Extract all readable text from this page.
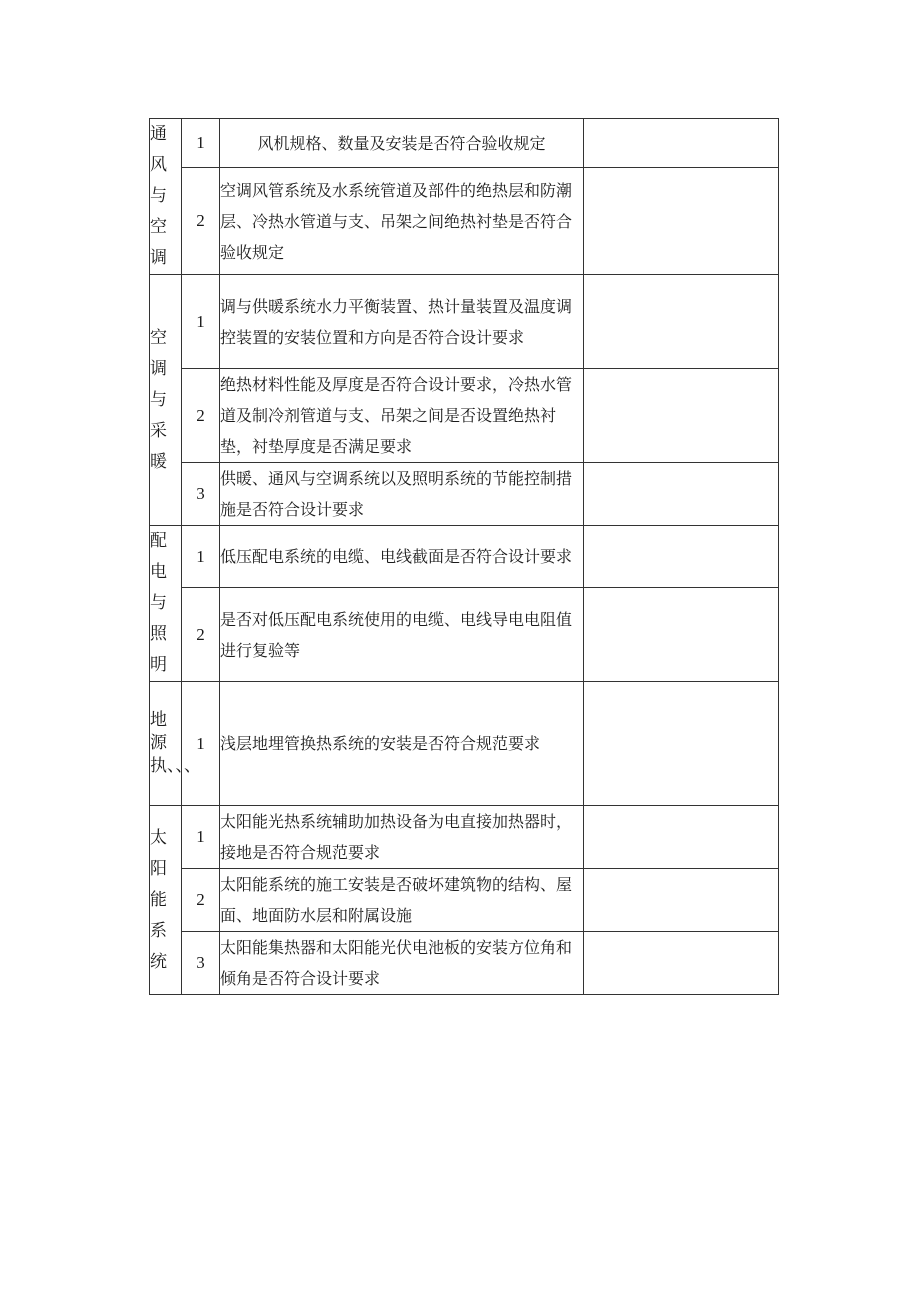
通风与空调	1	风机规格、数量及安装是否符合验收规定	
	2	空调风管系统及水系统管道及部件的绝热层和防潮层、冷热水管道与支、吊架之间绝热衬垫是否符合验收规定	

空调与采暖	1	调与供暖系统水力平衡装置、热计量装置及温度调控装置的安装位置和方向是否符合设计要求	
	2	绝热材料性能及厚度是否符合设计要求，冷热水管道及制冷剂管道与支、吊架之间是否设置绝热衬垫，衬垫厚度是否满足要求	
	3	供暖、通风与空调系统以及照明系统的节能控制措施是否符合设计要求	

配电与照明	1	低压配电系统的电缆、电线截面是否符合设计要求	
	2	是否对低压配电系统使用的电缆、电线导电电阻值进行复验等	

地源执、、、	1	浅层地埋管换热系统的安装是否符合规范要求	

太阳能系统	1	太阳能光热系统辅助加热设备为电直接加热器时，接地是否符合规范要求	
	2	太阳能系统的施工安装是否破坏建筑物的结构、屋面、地面防水层和附属设施	
	3	太阳能集热器和太阳能光伏电池板的安装方位角和倾角是否符合设计要求	
